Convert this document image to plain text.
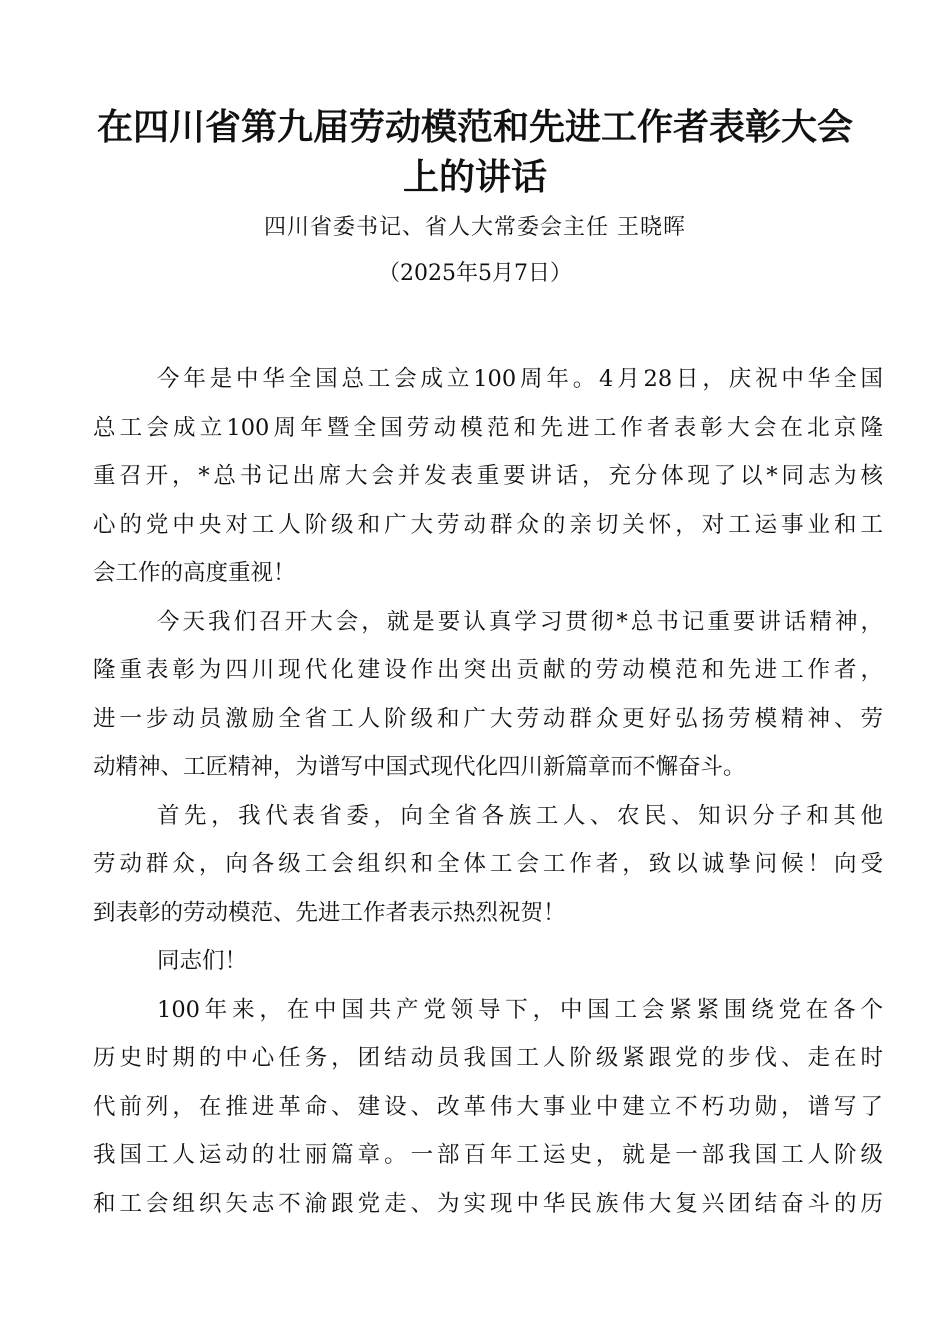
在四川省第九届劳动模范和先进工作者表彰大会
上的讲话
四川省委书记、省人大常委会主任 王晓晖
（2025年5月7日）
今年是中华全国总工会成立100周年。4月28日，庆祝中华全国
总工会成立100周年暨全国劳动模范和先进工作者表彰大会在北京隆
重召开，*总书记出席大会并发表重要讲话，充分体现了以*同志为核
心的党中央对工人阶级和广大劳动群众的亲切关怀，对工运事业和工
会工作的高度重视！
今天我们召开大会，就是要认真学习贯彻*总书记重要讲话精神，
隆重表彰为四川现代化建设作出突出贡献的劳动模范和先进工作者，
进一步动员激励全省工人阶级和广大劳动群众更好弘扬劳模精神、劳
动精神、工匠精神，为谱写中国式现代化四川新篇章而不懈奋斗。
首先，我代表省委，向全省各族工人、农民、知识分子和其他
劳动群众，向各级工会组织和全体工会工作者，致以诚挚问候！向受
到表彰的劳动模范、先进工作者表示热烈祝贺！
同志们！
100年来，在中国共产党领导下，中国工会紧紧围绕党在各个
历史时期的中心任务，团结动员我国工人阶级紧跟党的步伐、走在时
代前列，在推进革命、建设、改革伟大事业中建立不朽功勋，谱写了
我国工人运动的壮丽篇章。一部百年工运史，就是一部我国工人阶级
和工会组织矢志不渝跟党走、为实现中华民族伟大复兴团结奋斗的历
